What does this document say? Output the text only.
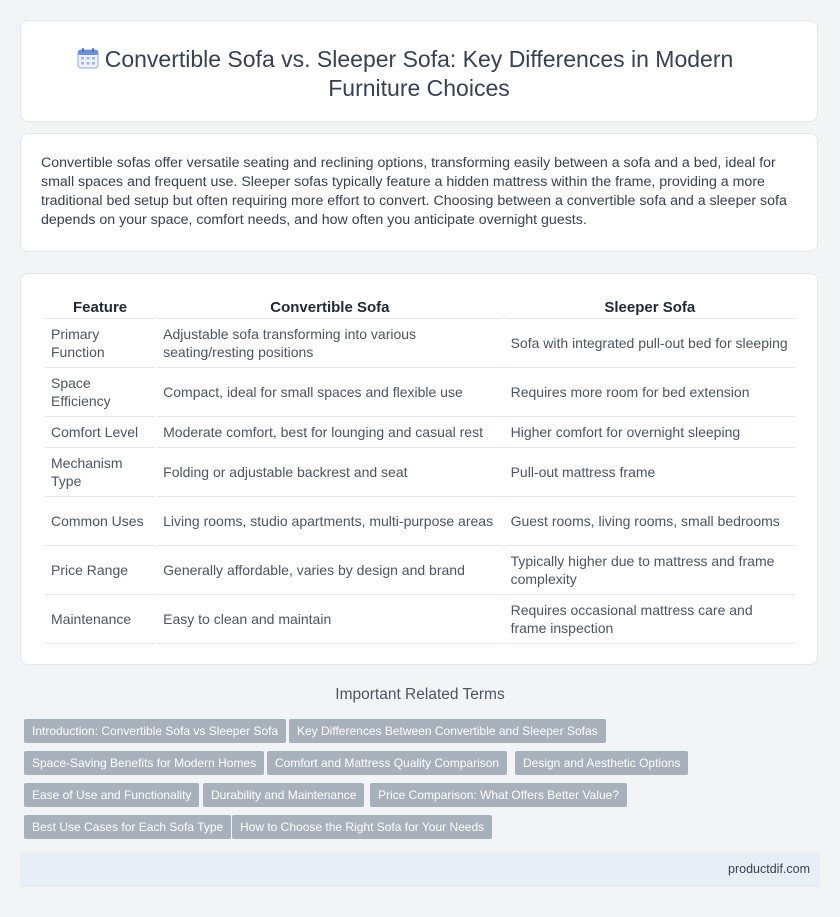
Convertible Sofa vs. Sleeper Sofa: Key Differences in Modern Furniture Choices

Convertible sofas offer versatile seating and reclining options, transforming easily between a sofa and a bed, ideal for small spaces and frequent use. Sleeper sofas typically feature a hidden mattress within the frame, providing a more traditional bed setup but often requiring more effort to convert. Choosing between a convertible sofa and a sleeper sofa depends on your space, comfort needs, and how often you anticipate overnight guests.

Feature	Convertible Sofa	Sleeper Sofa
Primary Function	Adjustable sofa transforming into various seating/resting positions	Sofa with integrated pull-out bed for sleeping
Space Efficiency	Compact, ideal for small spaces and flexible use	Requires more room for bed extension
Comfort Level	Moderate comfort, best for lounging and casual rest	Higher comfort for overnight sleeping
Mechanism Type	Folding or adjustable backrest and seat	Pull-out mattress frame
Common Uses	Living rooms, studio apartments, multi-purpose areas	Guest rooms, living rooms, small bedrooms
Price Range	Generally affordable, varies by design and brand	Typically higher due to mattress and frame complexity
Maintenance	Easy to clean and maintain	Requires occasional mattress care and frame inspection
Important Related Terms
Introduction: Convertible Sofa vs Sleeper Sofa	Key Differences Between Convertible and Sleeper Sofas
Space-Saving Benefits for Modern Homes	Comfort and Mattress Quality Comparison	Design and Aesthetic Options
Ease of Use and Functionality	Durability and Maintenance	Price Comparison: What Offers Better Value?
Best Use Cases for Each Sofa Type	How to Choose the Right Sofa for Your Needs
productdif.com
